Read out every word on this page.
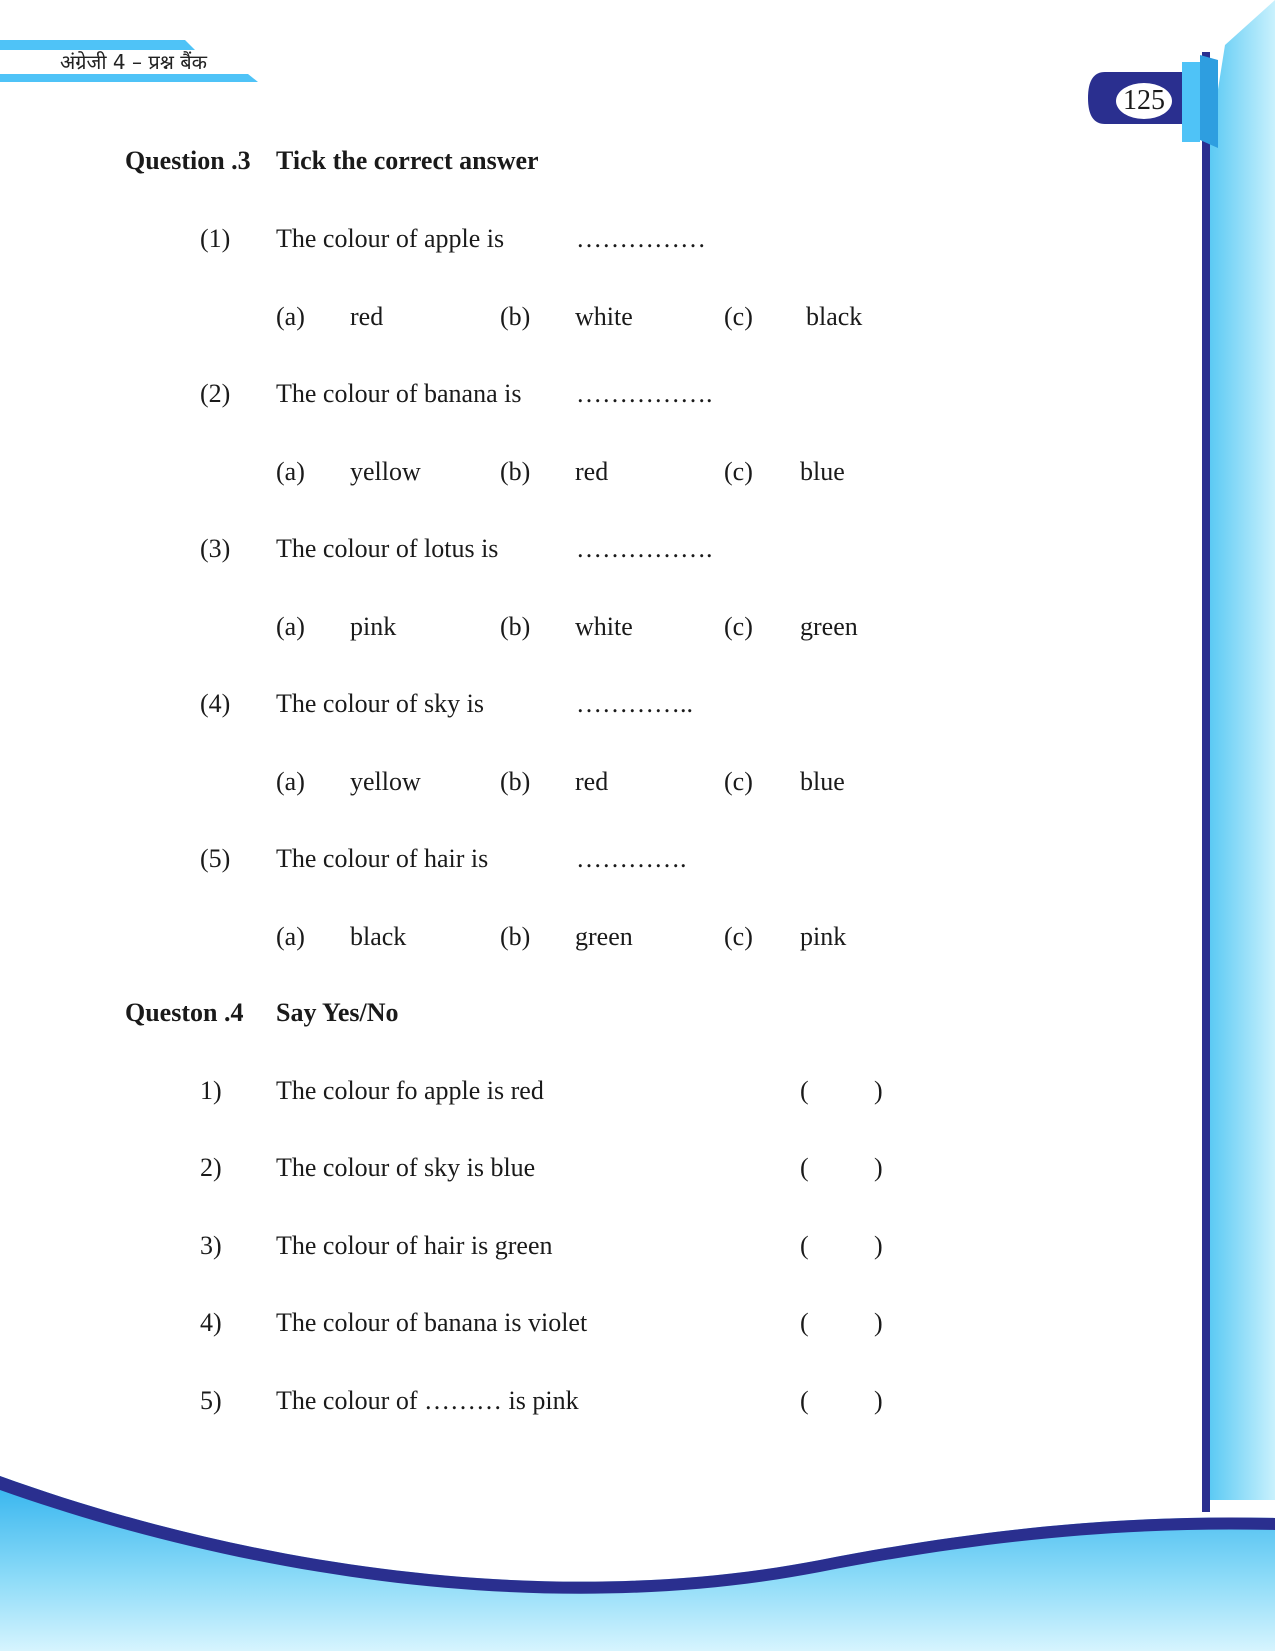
अंग्रेजी 4 – प्रश्न बैंक
125
Question .3 Tick the correct answer
(1) The colour of apple is	……………
(a) red	(b) white	(c) black
(2) The colour of banana is …………….
(a) yellow	(b) red	(c) blue
(3) The colour of lotus is	…………….
(a) pink	(b) white	(c) green
(4) The colour of sky is	…………..
(a) yellow	(b) red	(c) blue
(5) The colour of hair is	………….
(a) black	(b) green	(c) pink
Queston .4 Say Yes/No
1) The colour fo apple is red	(	)
2) The colour of sky is blue	(	)
3) The colour of hair is green	(	)
4) The colour of banana is violet	(	)
5) The colour of ……… is pink	(	)
